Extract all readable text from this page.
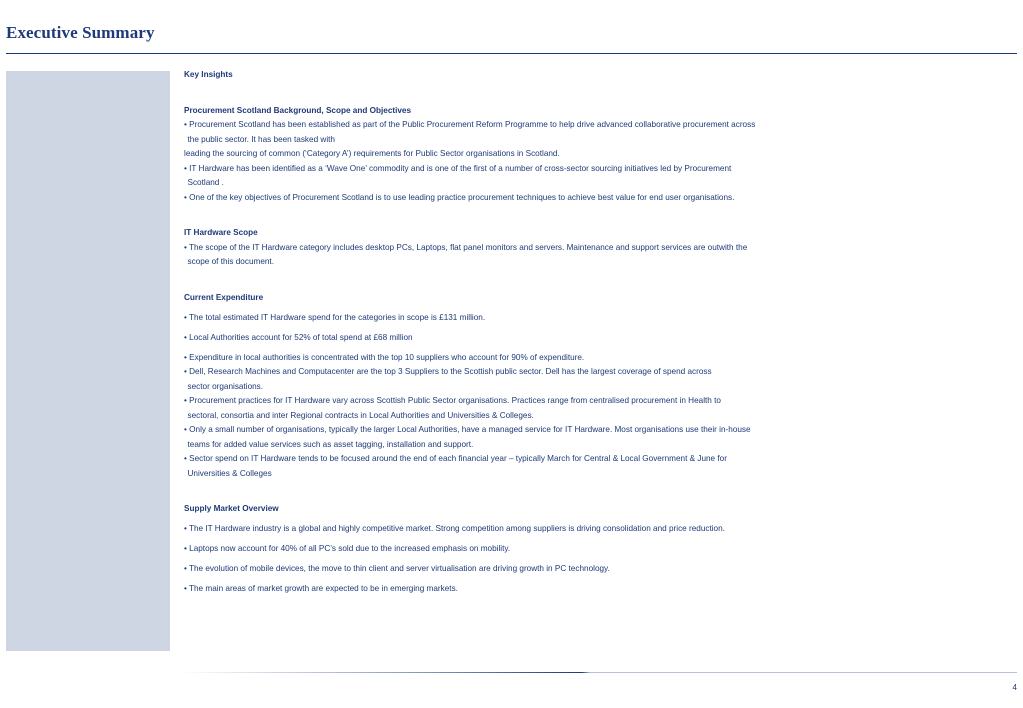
Executive Summary

Key Insights

Procurement Scotland Background, Scope and Objectives

• Procurement Scotland has been established as part of the Public Procurement Reform Programme to help drive advanced collaborative procurement across the public sector. It has been tasked with

leading the sourcing of common (‘Category A’) requirements for Public Sector organisations in Scotland.

• IT Hardware has been identified as a ‘Wave One’ commodity and is one of the first of a number of cross-sector sourcing initiatives led by Procurement Scotland .

• One of the key objectives of Procurement Scotland is to use leading practice procurement techniques to achieve best value for end user organisations.

IT Hardware Scope

• The scope of the IT Hardware category includes desktop PCs, Laptops, flat panel monitors and servers. Maintenance and support services are outwith the scope of this document.

Current Expenditure

• The total estimated IT Hardware spend for the categories in scope is £131 million.

• Local Authorities account for 52% of total spend at £68 million

• Expenditure in local authorities is concentrated with the top 10 suppliers who account for 90% of expenditure.

• Dell, Research Machines and Computacenter are the top 3 Suppliers to the Scottish public sector. Dell has the largest coverage of spend across sector organisations.

• Procurement practices for IT Hardware vary across Scottish Public Sector organisations. Practices range from centralised procurement in Health to sectoral, consortia and inter Regional contracts in Local Authorities and Universities & Colleges.

• Only a small number of organisations, typically the larger Local Authorities, have a managed service for IT Hardware. Most organisations use their in-house teams for added value services such as asset tagging, installation and support.

• Sector spend on IT Hardware tends to be focused around the end of each financial year – typically March for Central & Local Government & June for Universities & Colleges

Supply Market Overview

• The IT Hardware industry is a global and highly competitive market. Strong competition among suppliers is driving consolidation and price reduction.

• Laptops now account for 40% of all PC’s sold due to the increased emphasis on mobility.

• The evolution of mobile devices, the move to thin client and server virtualisation are driving growth in PC technology.

• The main areas of market growth are expected to be in emerging markets.

4
